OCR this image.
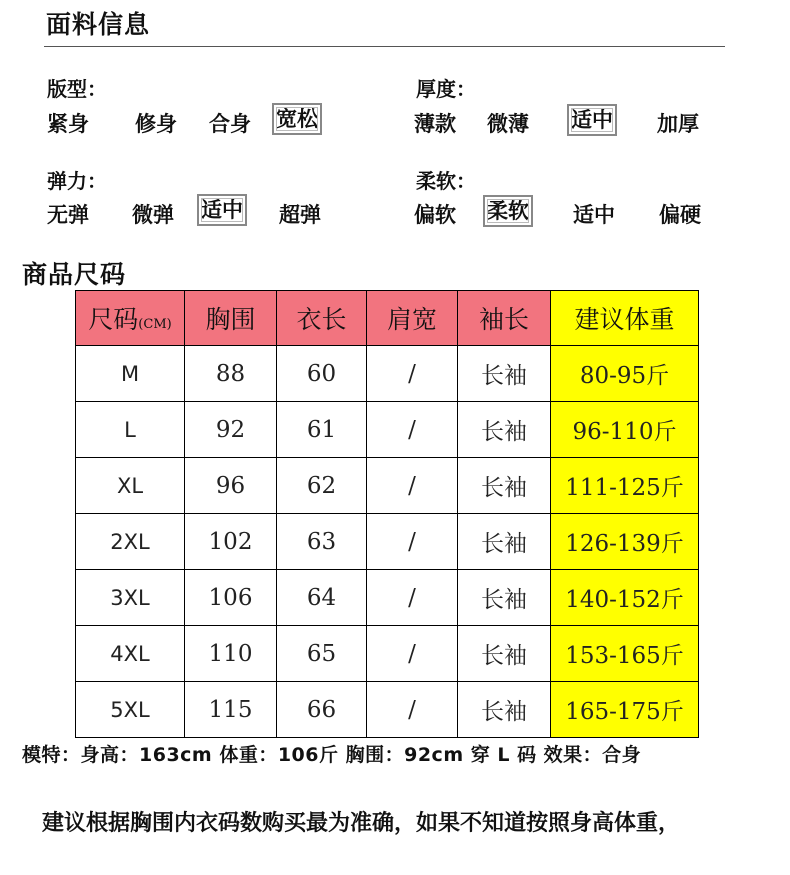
面料信息
版型：
紧身 修身 合身 宽松
厚度：
薄款 微薄 适中 加厚
弹力：
无弹 微弹 适中 超弹
柔软：
偏软 柔软 适中 偏硬
商品尺码
尺码(CM)	胸围	衣长	肩宽	袖长	建议体重
M	88	60	/	长袖	80-95斤
L	92	61	/	长袖	96-110斤
XL	96	62	/	长袖	111-125斤
2XL	102	63	/	长袖	126-139斤
3XL	106	64	/	长袖	140-152斤
4XL	110	65	/	长袖	153-165斤
5XL	115	66	/	长袖	165-175斤
模特：身高：163cm 体重：106斤 胸围：92cm 穿 L 码 效果：合身
建议根据胸围内衣码数购买最为准确，如果不知道按照身高体重，
